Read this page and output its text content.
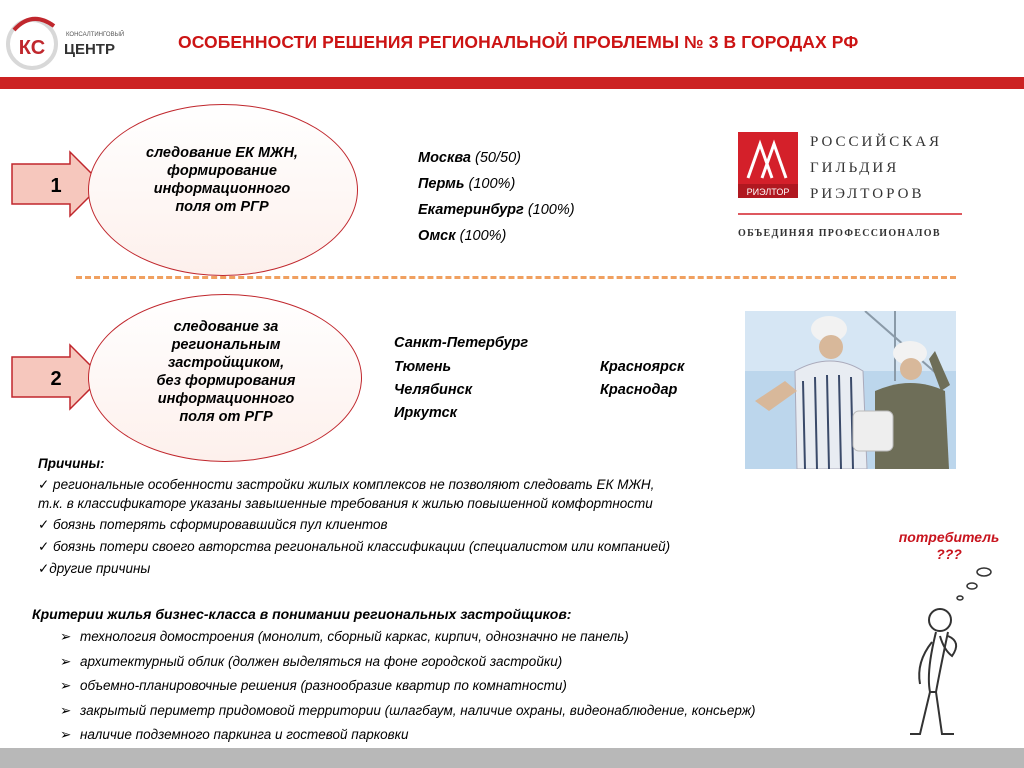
КС
КОНСАЛТИНГОВЫЙ
ЦЕНТР	ОСОБЕННОСТИ РЕШЕНИЯ РЕГИОНАЛЬНОЙ ПРОБЛЕМЫ № 3 В ГОРОДАХ РФ
1
следование ЕК МЖН,
формирование
информационного
поля от РГР
Москва (50/50)
Пермь (100%)
Екатеринбург (100%)
Омск (100%)
РИЭЛТОР
РОССИЙСКАЯ
ГИЛЬДИЯ
РИЭЛТОРОВ
ОБЪЕДИНЯЯ ПРОФЕССИОНАЛОВ
2
следование за
региональным
застройщиком,
без формирования
информационного
поля от РГР
Санкт-Петербург
Тюмень
Челябинск
Иркутск
Красноярск
Краснодар
Причины:
✓ региональные особенности застройки жилых комплексов не позволяют следовать ЕК МЖН,
т.к. в классификаторе указаны завышенные требования к жилью повышенной комфортности
✓ боязнь потерять сформировавшийся пул клиентов
✓ боязнь потери своего авторства региональной классификации (специалистом или компанией)
✓другие причины
потребитель
???
Критерии жилья бизнес-класса в понимании региональных застройщиков:
➢ технология домостроения (монолит, сборный каркас, кирпич, однозначно не панель)
➢ архитектурный облик (должен выделяться на фоне городской застройки)
➢ объемно-планировочные решения (разнообразие квартир по комнатности)
➢ закрытый периметр придомовой территории (шлагбаум, наличие охраны, видеонаблюдение, консьерж)
➢ наличие подземного паркинга и гостевой парковки
